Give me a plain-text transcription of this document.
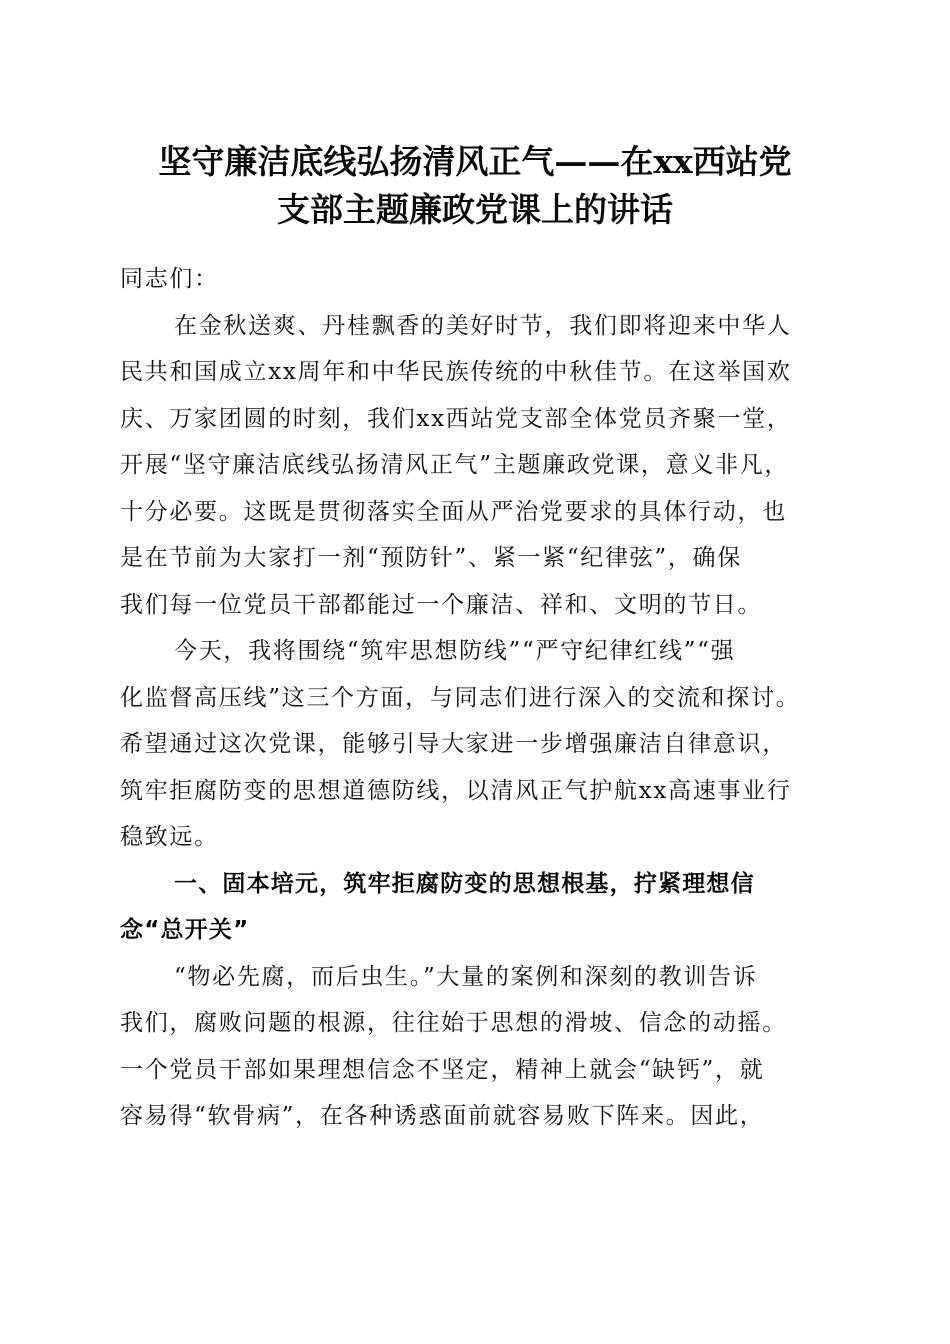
坚守廉洁底线弘扬清风正气——在xx西站党
支部主题廉政党课上的讲话

同志们：

在金秋送爽、丹桂飘香的美好时节，我们即将迎来中华人
民共和国成立xx周年和中华民族传统的中秋佳节。在这举国欢
庆、万家团圆的时刻，我们xx西站党支部全体党员齐聚一堂，
开展“坚守廉洁底线弘扬清风正气”主题廉政党课，意义非凡，
十分必要。这既是贯彻落实全面从严治党要求的具体行动，也
是在节前为大家打一剂“预防针”、紧一紧“纪律弦”，确保
我们每一位党员干部都能过一个廉洁、祥和、文明的节日。
今天，我将围绕“筑牢思想防线”“严守纪律红线”“强
化监督高压线”这三个方面，与同志们进行深入的交流和探讨。
希望通过这次党课，能够引导大家进一步增强廉洁自律意识，
筑牢拒腐防变的思想道德防线，以清风正气护航xx高速事业行
稳致远。
一、固本培元，筑牢拒腐防变的思想根基，拧紧理想信
念“总开关”
“物必先腐，而后虫生。”大量的案例和深刻的教训告诉
我们，腐败问题的根源，往往始于思想的滑坡、信念的动摇。
一个党员干部如果理想信念不坚定，精神上就会“缺钙”，就
容易得“软骨病”，在各种诱惑面前就容易败下阵来。因此，
